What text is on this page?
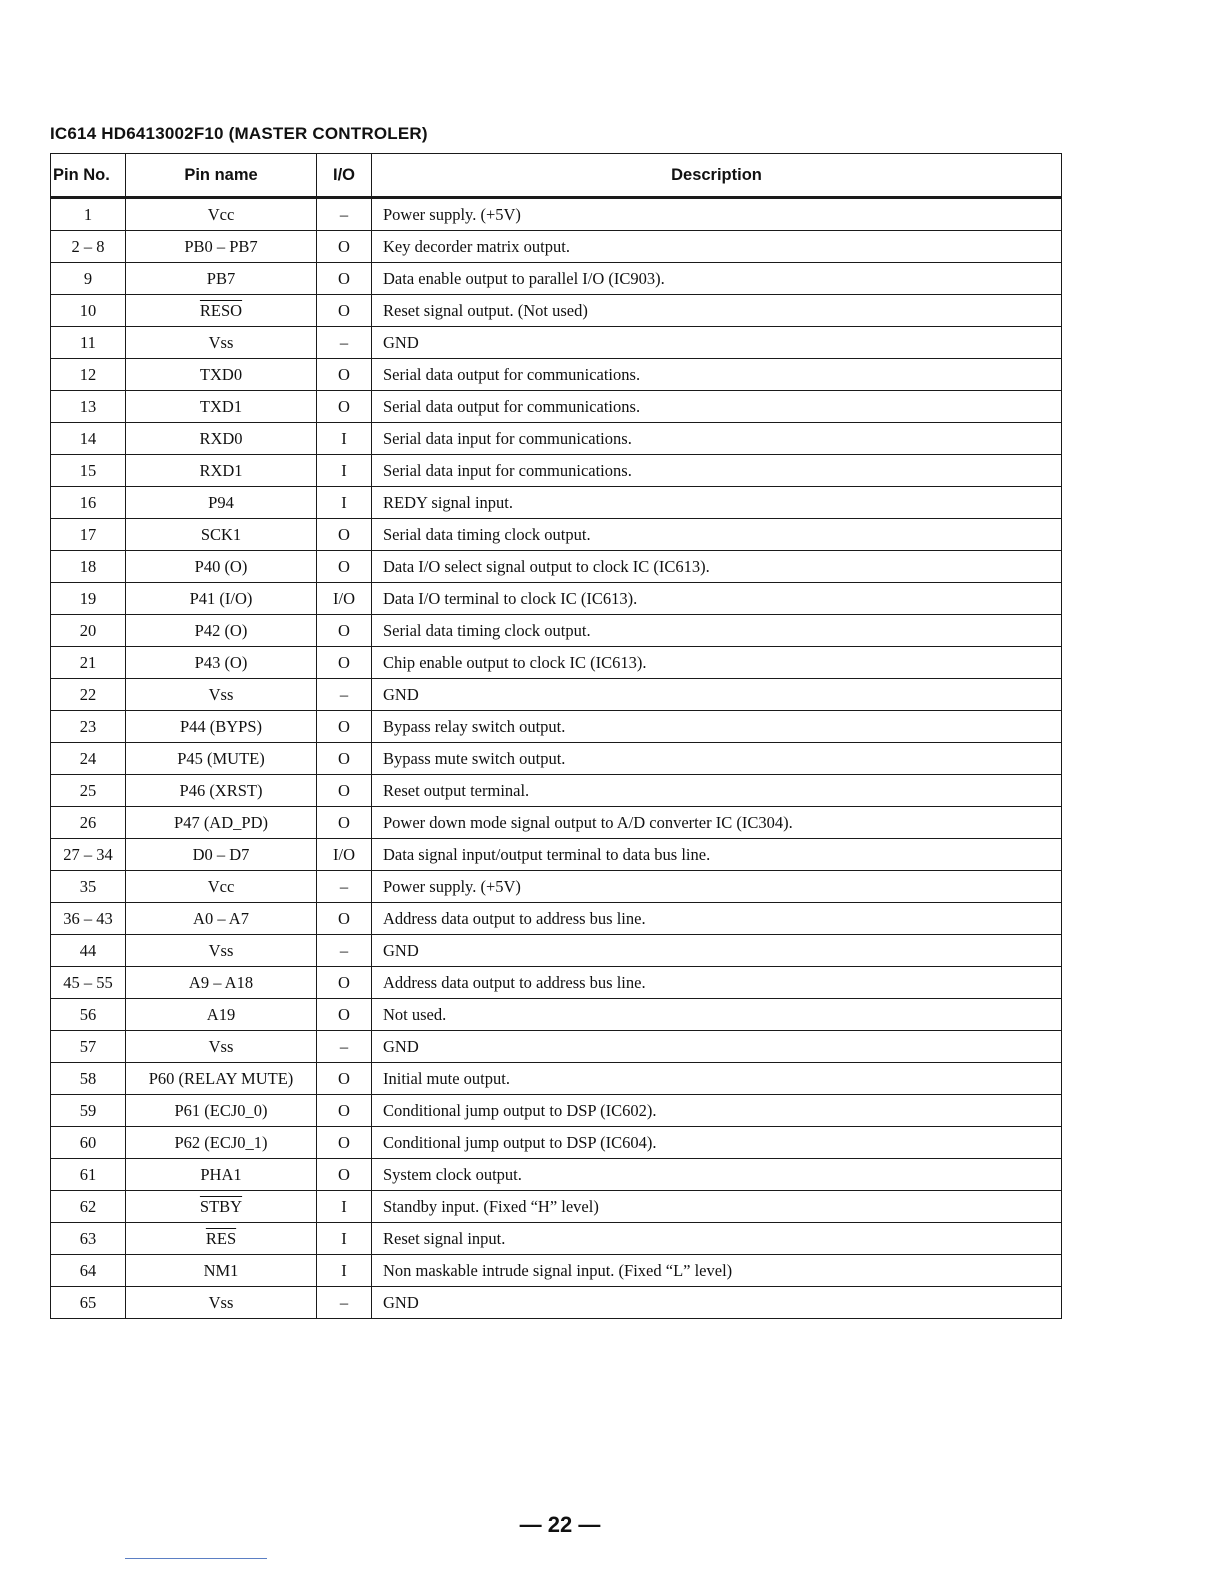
IC614 HD6413002F10 (MASTER CONTROLER)
Pin No.	Pin name	I/O	Description
1	Vcc	–	Power supply. (+5V)
2 – 8	PB0 – PB7	O	Key decorder matrix output.
9	PB7	O	Data enable output to parallel I/O (IC903).
10	RESO	O	Reset signal output. (Not used)
11	Vss	–	GND
12	TXD0	O	Serial data output for communications.
13	TXD1	O	Serial data output for communications.
14	RXD0	I	Serial data input for communications.
15	RXD1	I	Serial data input for communications.
16	P94	I	REDY signal input.
17	SCK1	O	Serial data timing clock output.
18	P40 (O)	O	Data I/O select signal output to clock IC (IC613).
19	P41 (I/O)	I/O	Data I/O terminal to clock IC (IC613).
20	P42 (O)	O	Serial data timing clock output.
21	P43 (O)	O	Chip enable output to clock IC (IC613).
22	Vss	–	GND
23	P44 (BYPS)	O	Bypass relay switch output.
24	P45 (MUTE)	O	Bypass mute switch output.
25	P46 (XRST)	O	Reset output terminal.
26	P47 (AD_PD)	O	Power down mode signal output to A/D converter IC (IC304).
27 – 34	D0 – D7	I/O	Data signal input/output terminal to data bus line.
35	Vcc	–	Power supply. (+5V)
36 – 43	A0 – A7	O	Address data output to address bus line.
44	Vss	–	GND
45 – 55	A9 – A18	O	Address data output to address bus line.
56	A19	O	Not used.
57	Vss	–	GND
58	P60 (RELAY MUTE)	O	Initial mute output.
59	P61 (ECJ0_0)	O	Conditional jump output to DSP (IC602).
60	P62 (ECJ0_1)	O	Conditional jump output to DSP (IC604).
61	PHA1	O	System clock output.
62	STBY	I	Standby input. (Fixed “H” level)
63	$\overline{RES}$	I	Reset signal input.
64	NM1	I	Non maskable intrude signal input. (Fixed “L” level)
65	Vss	–	GND
— 22 —
